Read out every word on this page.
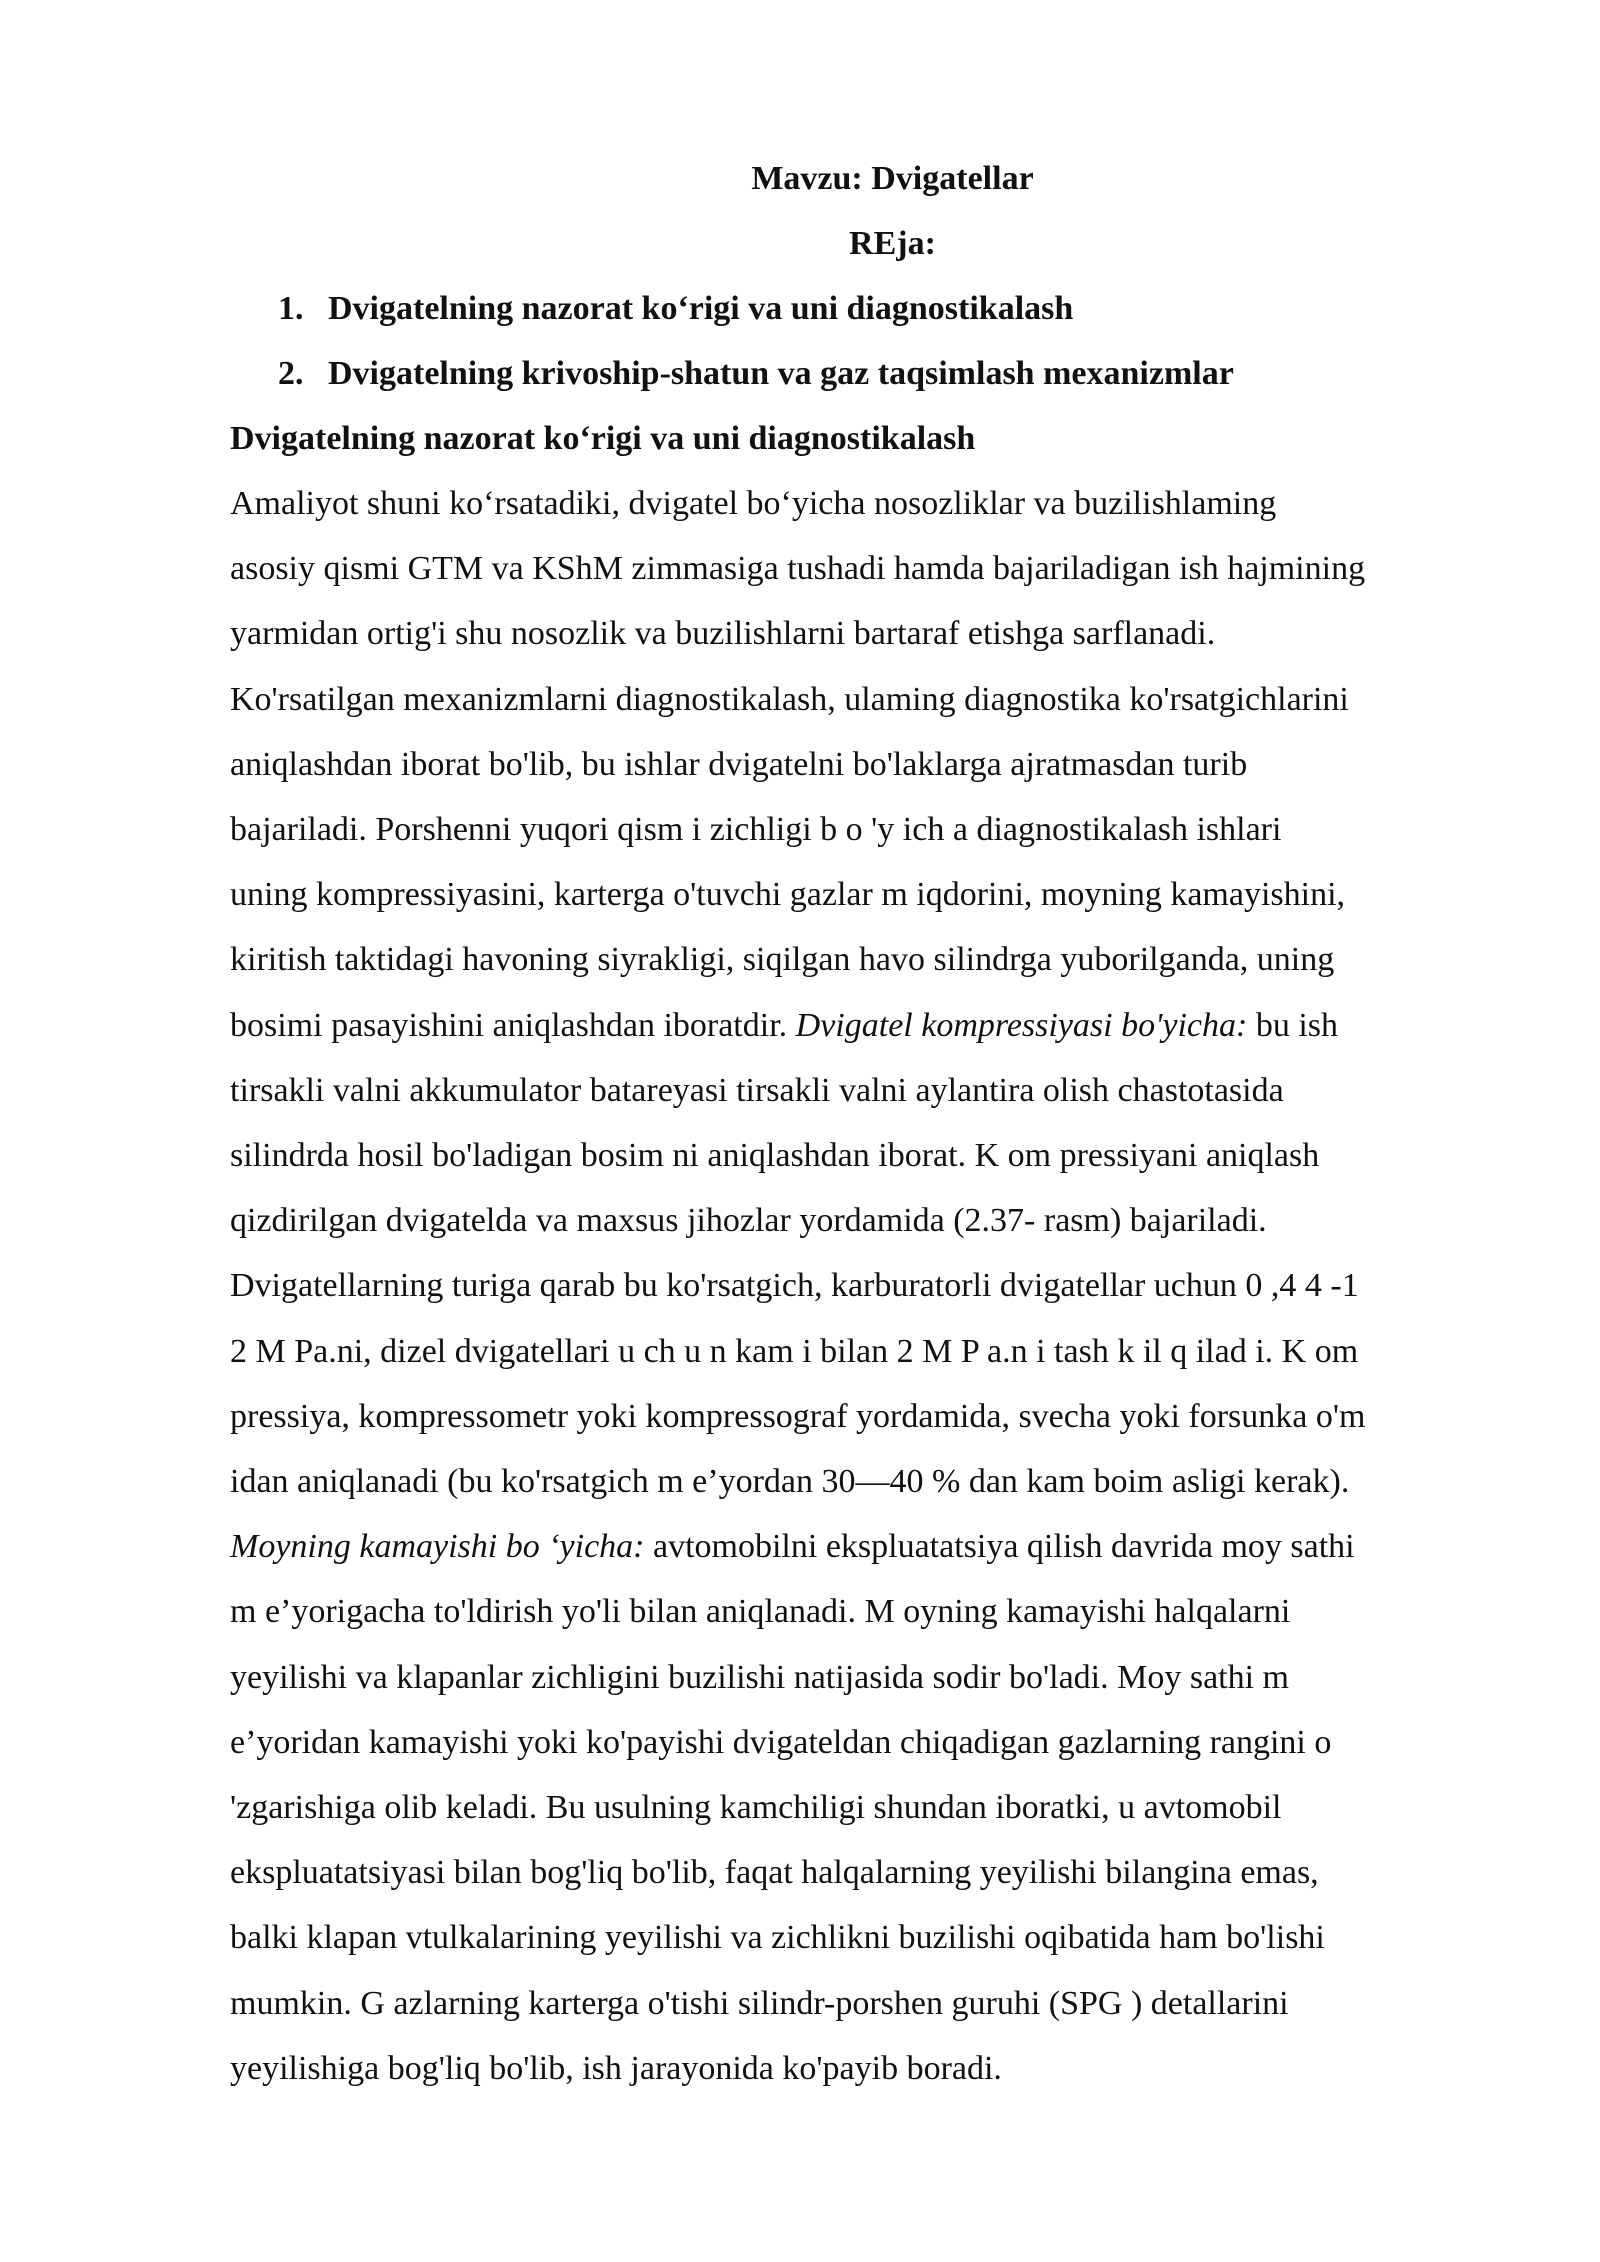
Mavzu: Dvigatellar

REja:

1. Dvigatelning nazorat ko‘rigi va uni diagnostikalash
2. Dvigatelning krivoship-shatun va gaz taqsimlash mexanizmlar

Dvigatelning nazorat ko‘rigi va uni diagnostikalash

Amaliyot shuni ko‘rsatadiki, dvigatel bo‘yicha nosozliklar va buzilishlaming

asosiy qismi GTM va KShM zimmasiga tushadi hamda bajariladigan ish hajmining

yarmidan ortig'i shu nosozlik va buzilishlarni bartaraf etishga sarflanadi.

Ko'rsatilgan mexanizmlarni diagnostikalash, ulaming diagnostika ko'rsatgichlarini

aniqlashdan iborat bo'lib, bu ishlar dvigatelni bo'laklarga ajratmasdan turib

bajariladi. Porshenni yuqori qism i zichligi b o 'y ich a diagnostikalash ishlari

uning kompressiyasini, karterga o'tuvchi gazlar m iqdorini, moyning kamayishini,

kiritish taktidagi havoning siyrakligi, siqilgan havo silindrga yuborilganda, uning

bosimi pasayishini aniqlashdan iboratdir. Dvigatel kompressiyasi bo'yicha: bu ish

tirsakli valni akkumulator batareyasi tirsakli valni aylantira olish chastotasida

silindrda hosil bo'ladigan bosim ni aniqlashdan iborat. K om pressiyani aniqlash

qizdirilgan dvigatelda va maxsus jihozlar yordamida (2.37- rasm) bajariladi.

Dvigatellarning turiga qarab bu ko'rsatgich, karburatorli dvigatellar uchun 0 ,4 4 -1

2 M Pa.ni, dizel dvigatellari u ch u n kam i bilan 2 M P a.n i tash k il q ilad i. K om

pressiya, kompressometr yoki kompressograf yordamida, svecha yoki forsunka o'm

idan aniqlanadi (bu ko'rsatgich m e’yordan 30—40 % dan kam boim asligi kerak).

Moyning kamayishi bo ‘yicha: avtomobilni ekspluatatsiya qilish davrida moy sathi

m e’yorigacha to'ldirish yo'li bilan aniqlanadi. M oyning kamayishi halqalarni

yeyilishi va klapanlar zichligini buzilishi natijasida sodir bo'ladi. Moy sathi m

e’yoridan kamayishi yoki ko'payishi dvigateldan chiqadigan gazlarning rangini o

'zgarishiga olib keladi. Bu usulning kamchiligi shundan iboratki, u avtomobil

ekspluatatsiyasi bilan bog'liq bo'lib, faqat halqalarning yeyilishi bilangina emas,

balki klapan vtulkalarining yeyilishi va zichlikni buzilishi oqibatida ham bo'lishi

mumkin. G azlarning karterga o'tishi silindr-porshen guruhi (SPG ) detallarini

yeyilishiga bog'liq bo'lib, ish jarayonida ko'payib boradi.
